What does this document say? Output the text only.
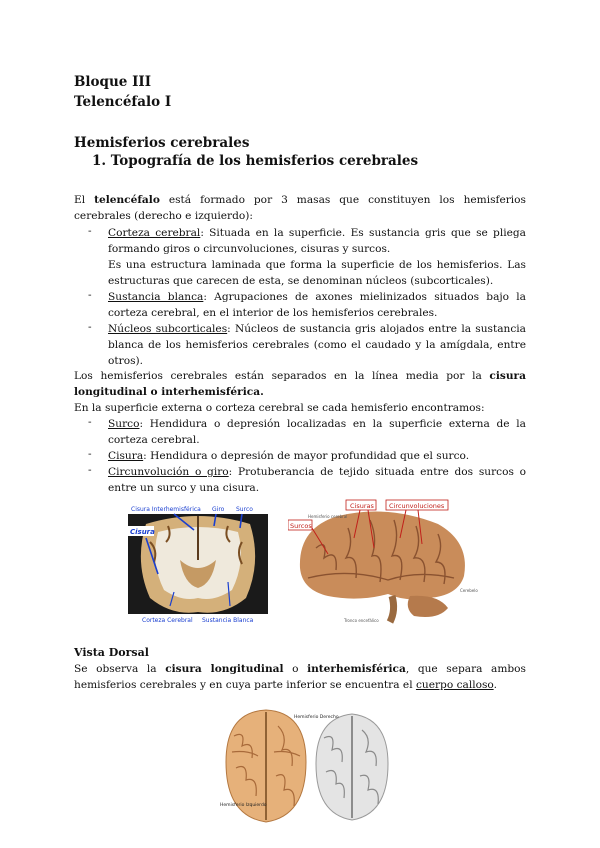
Bloque III
Telencéfalo I
Hemisferios cerebrales
1. Topografía de los hemisferios cerebrales
El telencéfalo está formado por 3 masas que constituyen los hemisferios cerebrales (derecho e izquierdo):
- Corteza cerebral: Situada en la superficie. Es sustancia gris que se pliega formando giros o circunvoluciones, cisuras y surcos.
Es una estructura laminada que forma la superficie de los hemisferios. Las estructuras que carecen de esta, se denominan núcleos (subcorticales).
- Sustancia blanca: Agrupaciones de axones mielinizados situados bajo la corteza cerebral, en el interior de los hemisferios cerebrales.
- Núcleos subcorticales: Núcleos de sustancia gris alojados entre la sustancia blanca de los hemisferios cerebrales (como el caudado y la amígdala, entre otros).
Los hemisferios cerebrales están separados en la línea media por la cisura longitudinal o interhemisférica.
En la superficie externa o corteza cerebral se cada hemisferio encontramos:
- Surco: Hendidura o depresión localizadas en la superficie externa de la corteza cerebral.
- Cisura: Hendidura o depresión de mayor profundidad que el surco.
- Circunvolución o giro: Protuberancia de tejido situada entre dos surcos o entre un surco y una cisura.
Cisura Interhemisférica Giro Surco
Cisura
Corteza Cerebral Sustancia Blanca
Cisuras Circunvoluciones
Surcos
Hemisferio cerebral
Cerebelo
Tronco encefálico
Vista Dorsal
Se observa la cisura longitudinal o interhemisférica, que separa ambos hemisferios cerebrales y en cuya parte inferior se encuentra el cuerpo calloso.
Hemisferio Derecho
Hemisferio Izquierdo
